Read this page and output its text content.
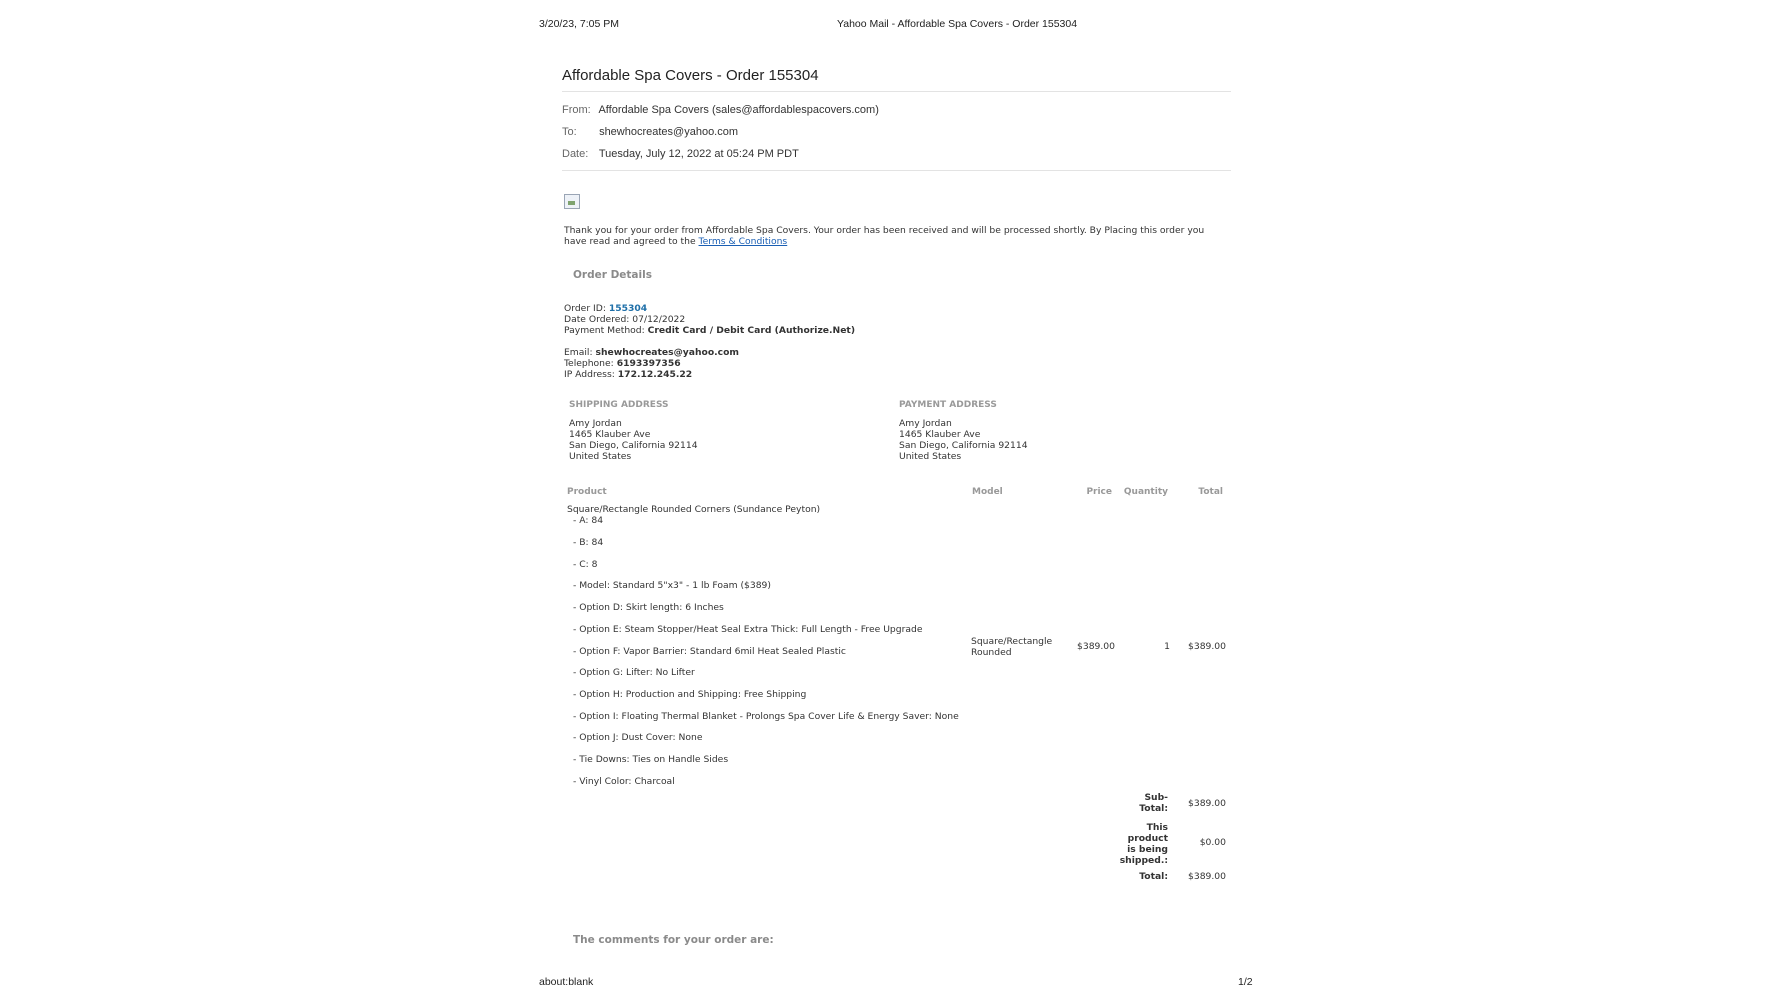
3/20/23, 7:05 PM	Yahoo Mail - Affordable Spa Covers - Order 155304
Affordable Spa Covers - Order 155304
From: Affordable Spa Covers (sales@affordablespacovers.com)
To: shewhocreates@yahoo.com
Date: Tuesday, July 12, 2022 at 05:24 PM PDT
Thank you for your order from Affordable Spa Covers. Your order has been received and will be processed shortly. By Placing this order you
have read and agreed to the Terms & Conditions
Order Details
Order ID: 155304
Date Ordered: 07/12/2022
Payment Method: Credit Card / Debit Card (Authorize.Net)
Email: shewhocreates@yahoo.com
Telephone: 6193397356
IP Address: 172.12.245.22
SHIPPING ADDRESS
Amy Jordan
1465 Klauber Ave
San Diego, California 92114
United States
PAYMENT ADDRESS
Amy Jordan
1465 Klauber Ave
San Diego, California 92114
United States
Product	Model	Price	Quantity	Total
Square/Rectangle Rounded Corners (Sundance Peyton)
- A: 84
- B: 84
- C: 8
- Model: Standard 5"x3" - 1 lb Foam ($389)
- Option D: Skirt length: 6 Inches
- Option E: Steam Stopper/Heat Seal Extra Thick: Full Length - Free Upgrade
- Option F: Vapor Barrier: Standard 6mil Heat Sealed Plastic
- Option G: Lifter: No Lifter
- Option H: Production and Shipping: Free Shipping
- Option I: Floating Thermal Blanket - Prolongs Spa Cover Life & Energy Saver: None
- Option J: Dust Cover: None
- Tie Downs: Ties on Handle Sides
- Vinyl Color: Charcoal
Square/Rectangle
Rounded
$389.00	1	$389.00
Sub-
Total:	$389.00
This
product
is being
shipped.:
$0.00
Total:	$389.00
The comments for your order are:
about:blank	1/2
